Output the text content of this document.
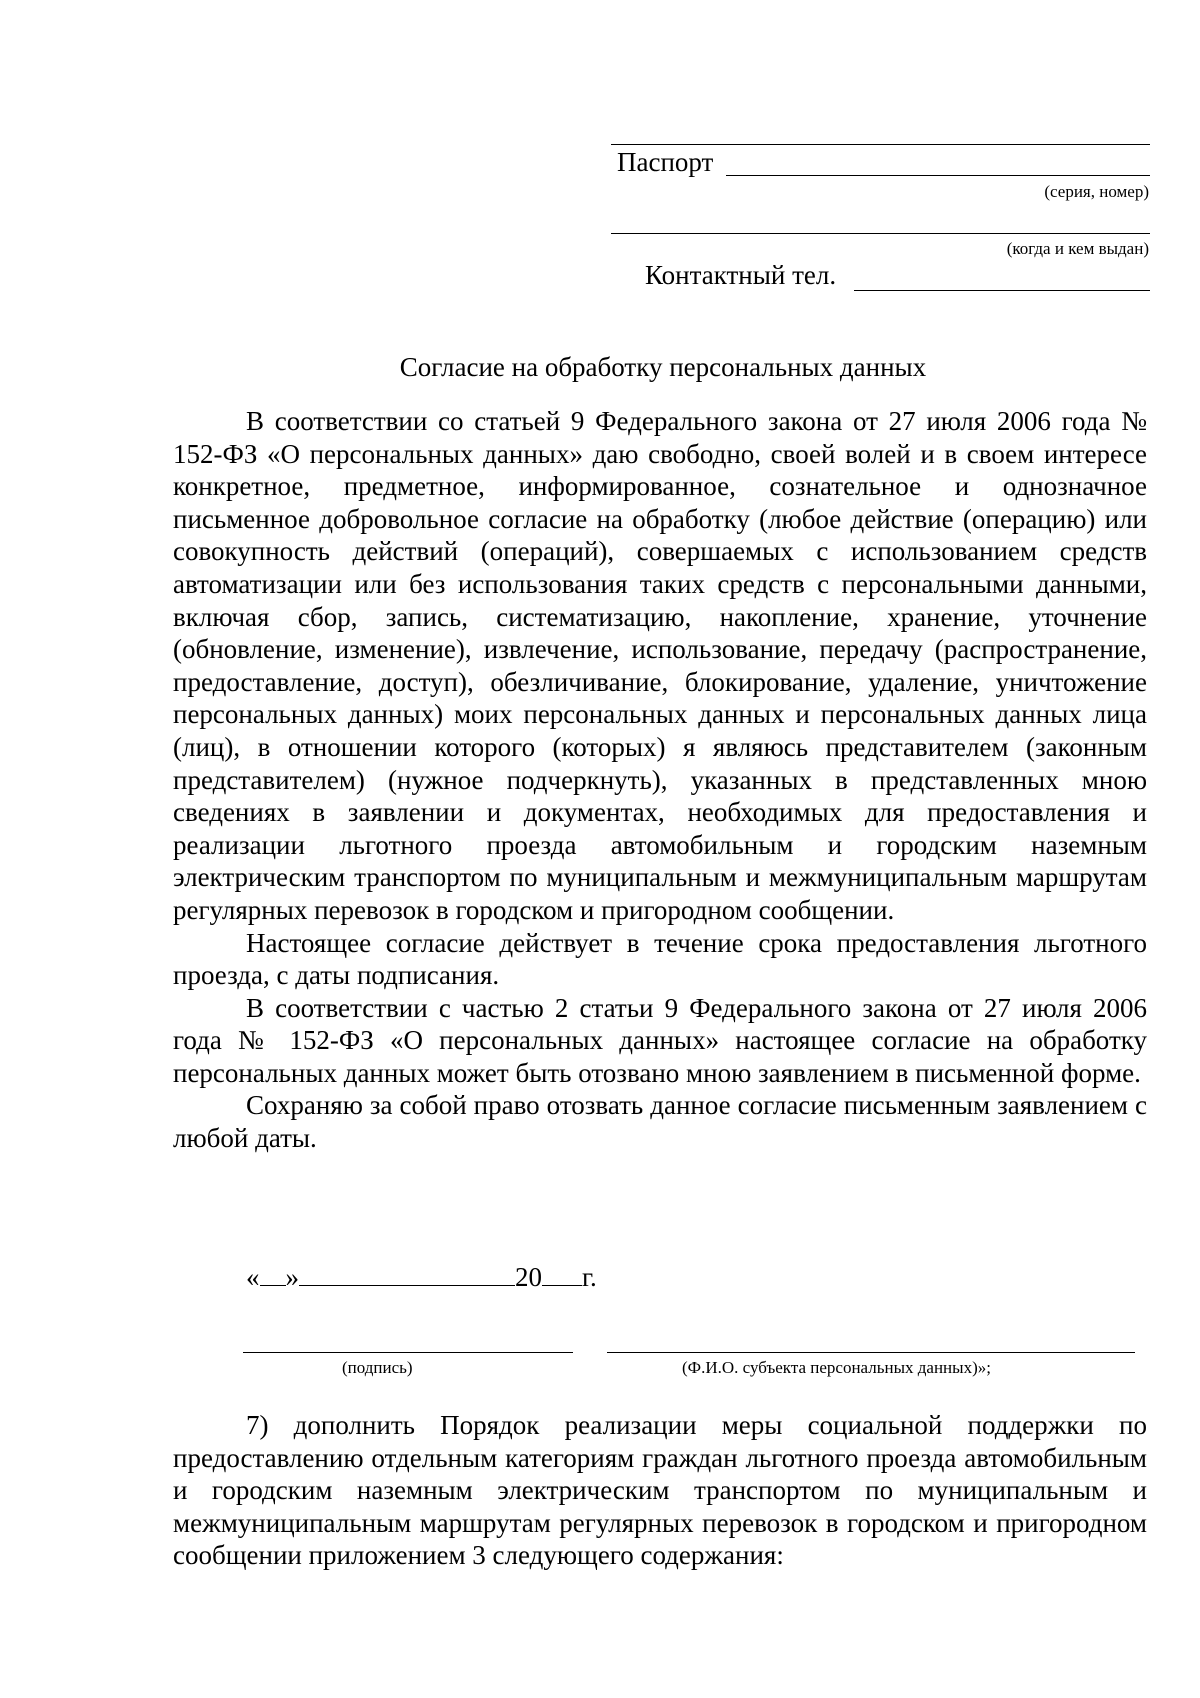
Паспорт
(серия, номер)
(когда и кем выдан)
Контактный тел.
Согласие на обработку персональных данных

В соответствии со статьей 9 Федерального закона от 27 июля 2006 года № 152-ФЗ «О персональных данных» даю свободно, своей волей и в своем интересе конкретное, предметное, информированное, сознательное и однозначное письменное добровольное согласие на обработку (любое действие (операцию) или совокупность действий (операций), совершаемых с использованием средств автоматизации или без использования таких средств с персональными данными, включая сбор, запись, систематизацию, накопление, хранение, уточнение (обновление, изменение), извлечение, использование, передачу (распространение, предоставление, доступ), обезличивание, блокирование, удаление, уничтожение персональных данных) моих персональных данных и персональных данных лица (лиц), в отношении которого (которых) я являюсь представителем (законным представителем) (нужное подчеркнуть), указанных в представленных мною сведениях в заявлении и документах, необходимых для предоставления и реализации льготного проезда автомобильным и городским наземным электрическим транспортом по муниципальным и межмуниципальным маршрутам регулярных перевозок в городском и пригородном сообщении.

Настоящее согласие действует в течение срока предоставления льготного проезда, с даты подписания.

В соответствии с частью 2 статьи 9 Федерального закона от 27 июля 2006 года № 152-ФЗ «О персональных данных» настоящее согласие на обработку персональных данных может быть отозвано мною заявлением в письменной форме.

Сохраняю за собой право отозвать данное согласие письменным заявлением с любой даты.

« »	20 г.
(подпись)	(Ф.И.О. субъекта персональных данных)»;

7) дополнить Порядок реализации меры социальной поддержки по предоставлению отдельным категориям граждан льготного проезда автомобильным и городским наземным электрическим транспортом по муниципальным и межмуниципальным маршрутам регулярных перевозок в городском и пригородном сообщении приложением 3 следующего содержания:
